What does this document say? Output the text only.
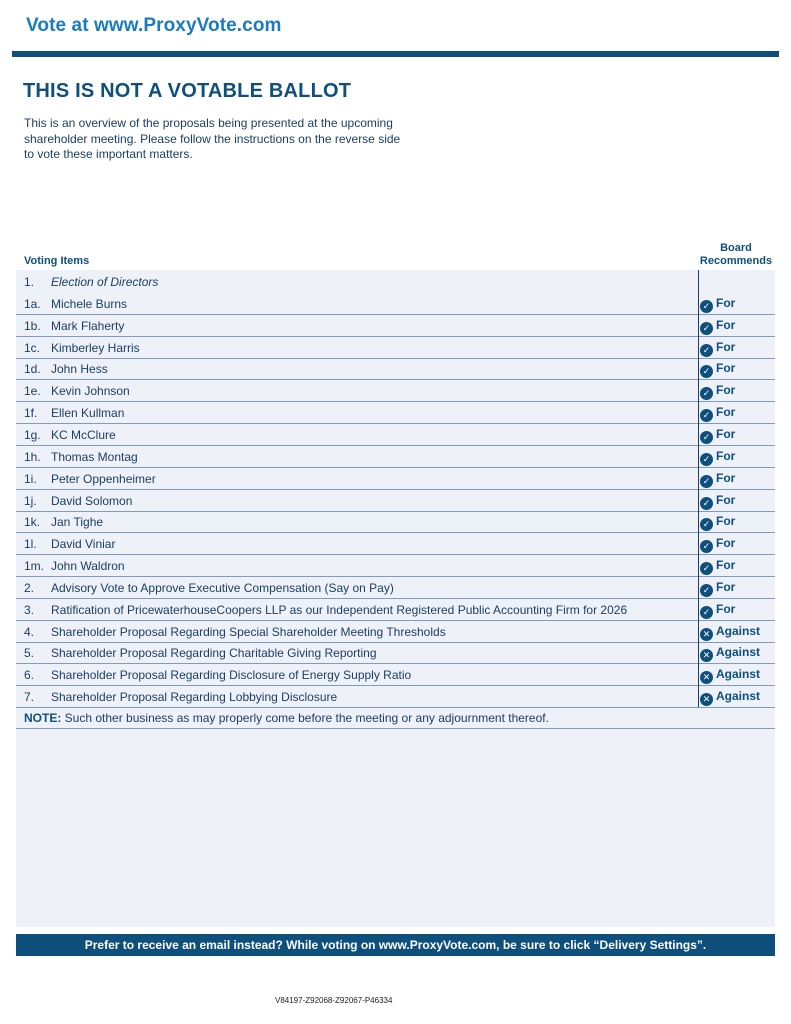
Vote at www.ProxyVote.com
THIS IS NOT A VOTABLE BALLOT
This is an overview of the proposals being presented at the upcoming shareholder meeting. Please follow the instructions on the reverse side to vote these important matters.
Voting Items
Board
Recommends
1. Election of Directors
1a. Michele Burns	✓ For
1b. Mark Flaherty	✓ For
1c. Kimberley Harris	✓ For
1d. John Hess	✓ For
1e. Kevin Johnson	✓ For
1f. Ellen Kullman	✓ For
1g. KC McClure	✓ For
1h. Thomas Montag	✓ For
1i. Peter Oppenheimer	✓ For
1j. David Solomon	✓ For
1k. Jan Tighe	✓ For
1l. David Viniar	✓ For
1m. John Waldron	✓ For
2. Advisory Vote to Approve Executive Compensation (Say on Pay)	✓ For
3. Ratification of PricewaterhouseCoopers LLP as our Independent Registered Public Accounting Firm for 2026	✓ For
4. Shareholder Proposal Regarding Special Shareholder Meeting Thresholds	✕ Against
5. Shareholder Proposal Regarding Charitable Giving Reporting	✕ Against
6. Shareholder Proposal Regarding Disclosure of Energy Supply Ratio	✕ Against
7. Shareholder Proposal Regarding Lobbying Disclosure	✕ Against
NOTE: Such other business as may properly come before the meeting or any adjournment thereof.
Prefer to receive an email instead? While voting on www.ProxyVote.com, be sure to click “Delivery Settings”.
V84197-Z92068-Z92067-P46334
